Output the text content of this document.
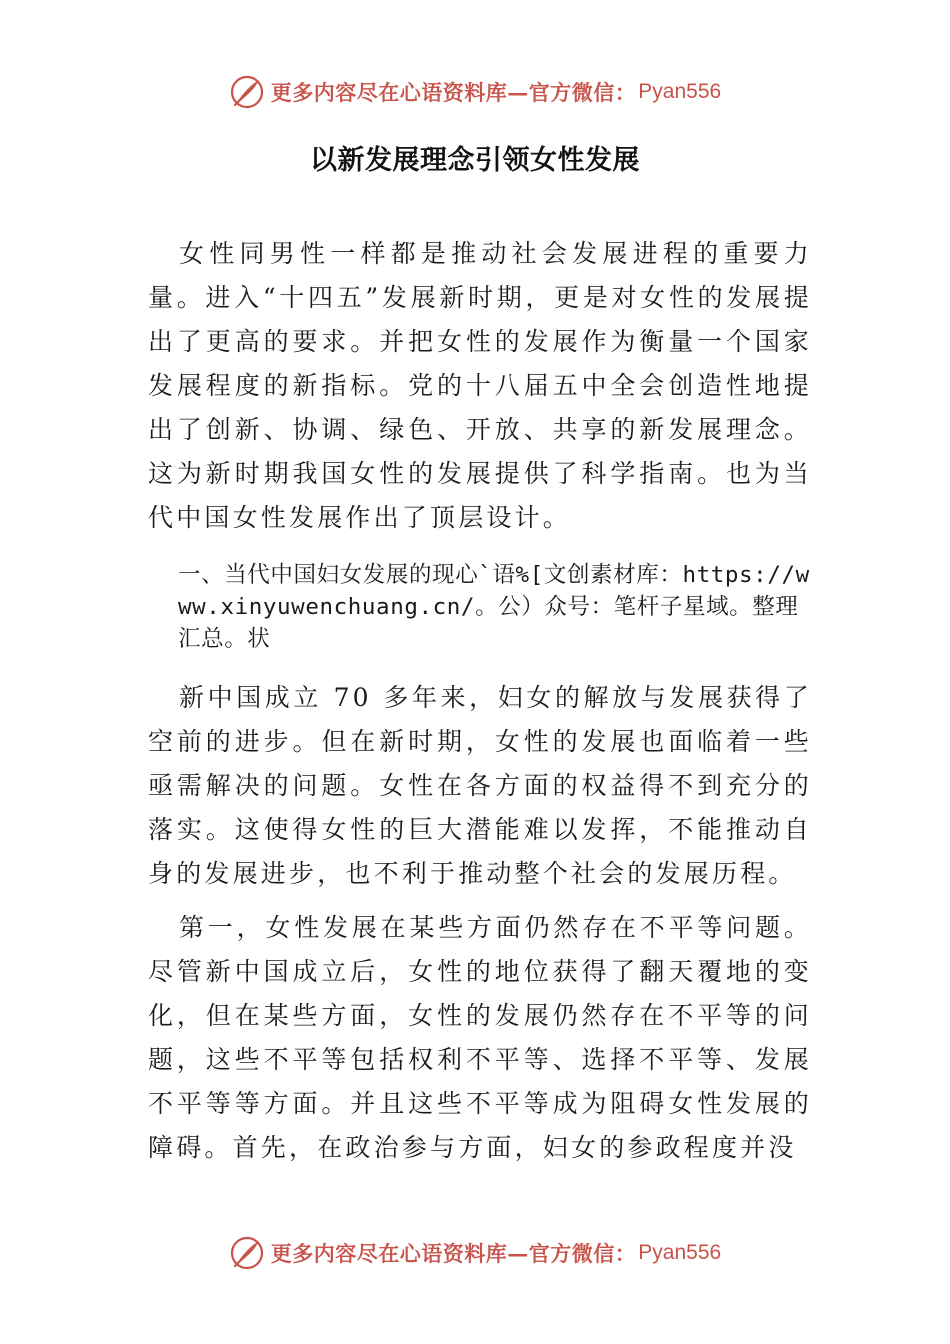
更多内容尽在心语资料库—官方微信： Pyan556
以新发展理念引领女性发展

女性同男性一样都是推动社会发展进程的重要力量。进入“十四五”发展新时期，更是对女性的发展提出了更高的要求。并把女性的发展作为衡量一个国家发展程度的新指标。党的十八届五中全会创造性地提出了创新、协调、绿色、开放、共享的新发展理念。这为新时期我国女性的发展提供了科学指南。也为当代中国女性发展作出了顶层设计。

一、当代中国妇女发展的现心`语%[文创素材库：https://www.xinyuwenchuang.cn/。公）众号：笔杆子星域。整理汇总。状

新中国成立 70 多年来，妇女的解放与发展获得了空前的进步。但在新时期，女性的发展也面临着一些亟需解决的问题。女性在各方面的权益得不到充分的落实。这使得女性的巨大潜能难以发挥，不能推动自身的发展进步，也不利于推动整个社会的发展历程。

第一，女性发展在某些方面仍然存在不平等问题。尽管新中国成立后，女性的地位获得了翻天覆地的变化，但在某些方面，女性的发展仍然存在不平等的问题，这些不平等包括权利不平等、选择不平等、发展不平等等方面。并且这些不平等成为阻碍女性发展的障碍。首先，在政治参与方面，妇女的参政程度并没

更多内容尽在心语资料库—官方微信： Pyan556
